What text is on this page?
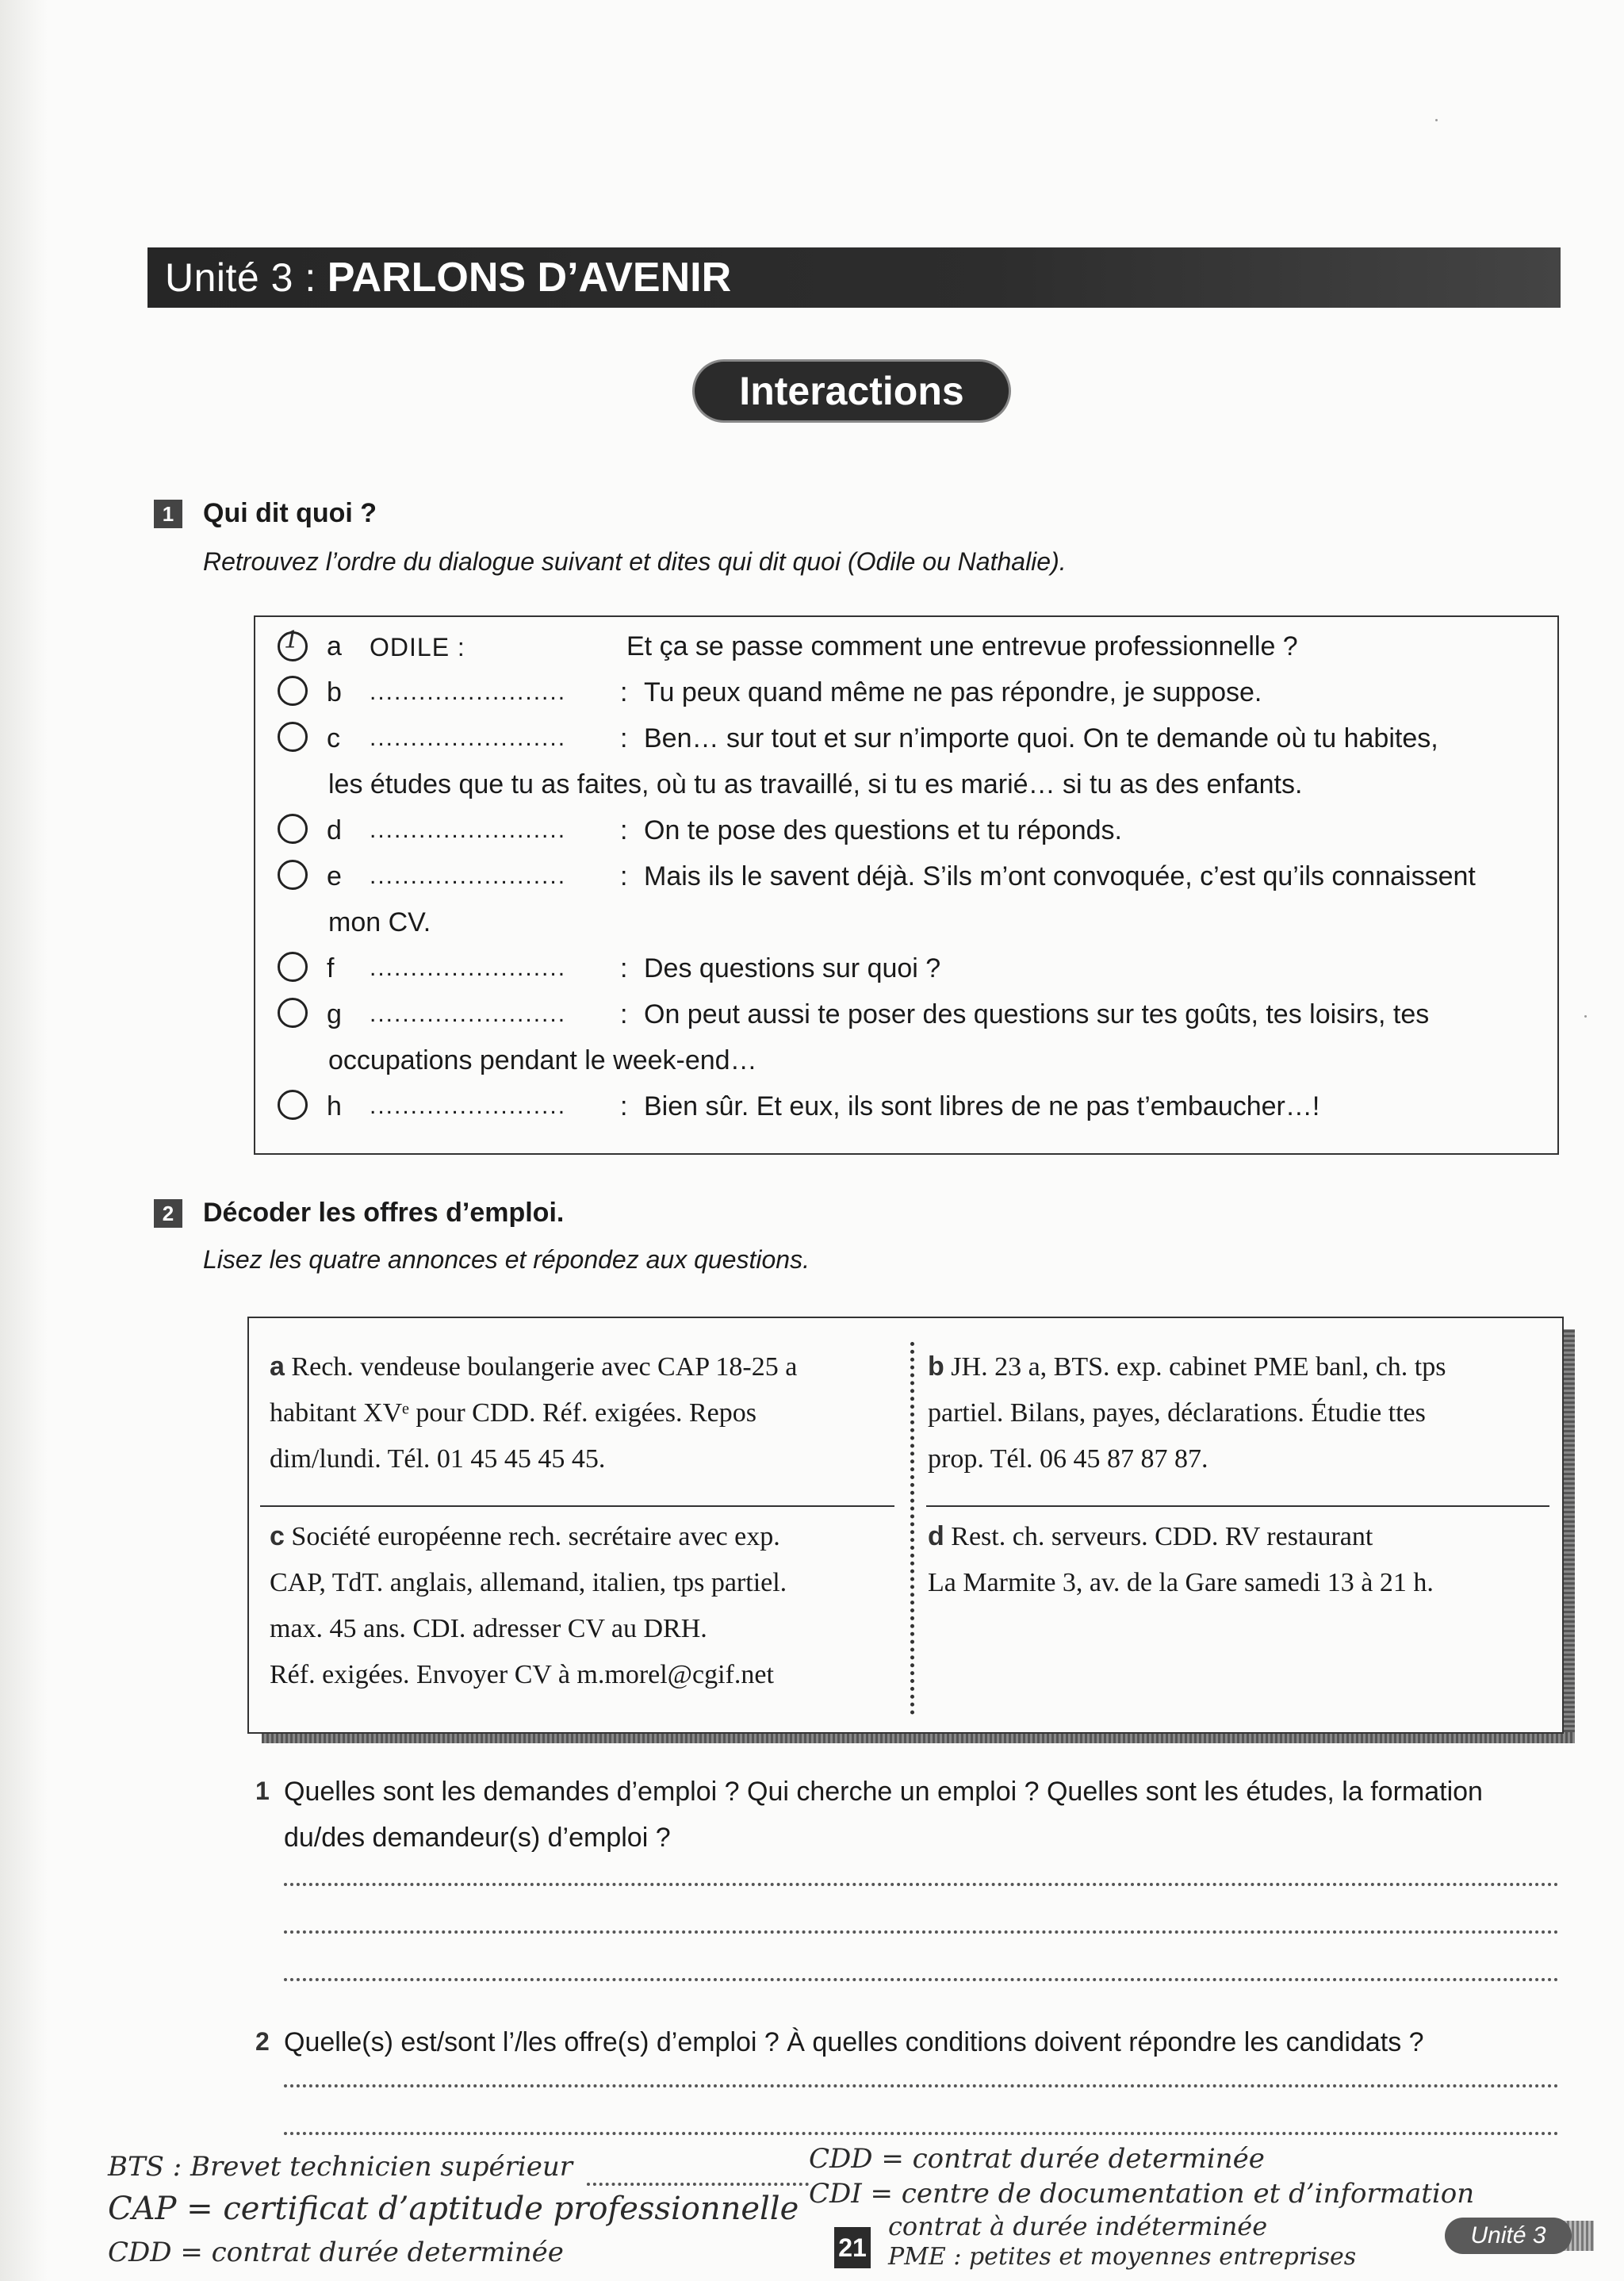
Unité 3 : PARLONS D’AVENIR
Interactions
1	Qui dit quoi ?
Retrouvez l’ordre du dialogue suivant et dites qui dit quoi (Odile ou Nathalie).
1 a ODILE :	Et ça se passe comment une entrevue professionnelle ?
b ........................ : Tu peux quand même ne pas répondre, je suppose.
c ........................ : Ben… sur tout et sur n’importe quoi. On te demande où tu habites,
les études que tu as faites, où tu as travaillé, si tu es marié… si tu as des enfants.
d ........................ : On te pose des questions et tu réponds.
e ........................ : Mais ils le savent déjà. S’ils m’ont convoquée, c’est qu’ils connaissent
mon CV.
f ........................ : Des questions sur quoi ?
g ........................ : On peut aussi te poser des questions sur tes goûts, tes loisirs, tes
occupations pendant le week-end…
h ........................ : Bien sûr. Et eux, ils sont libres de ne pas t’embaucher…!
2	Décoder les offres d’emploi.
Lisez les quatre annonces et répondez aux questions.
a Rech. vendeuse boulangerie avec CAP 18-25 a
habitant XVᵉ pour CDD. Réf. exigées. Repos
dim/lundi. Tél. 01 45 45 45 45.
b JH. 23 a, BTS. exp. cabinet PME banl, ch. tps
partiel. Bilans, payes, déclarations. Étudie ttes
prop. Tél. 06 45 87 87 87.
c Société européenne rech. secrétaire avec exp.
CAP, TdT. anglais, allemand, italien, tps partiel.
max. 45 ans. CDI. adresser CV au DRH.
Réf. exigées. Envoyer CV à m.morel@cgif.net
d Rest. ch. serveurs. CDD. RV restaurant
La Marmite 3, av. de la Gare samedi 13 à 21 h.
1 Quelles sont les demandes d’emploi ? Qui cherche un emploi ? Quelles sont les études, la formation
du/des demandeur(s) d’emploi ?
2 Quelle(s) est/sont l’/les offre(s) d’emploi ? À quelles conditions doivent répondre les candidats ?
BTS : Brevet technicien supérieur
CAP = certificat d’aptitude professionnelle
CDD = contrat durée determinée
CDD = contrat durée determinée
CDI = centre de documentation et d’information
contrat à durée indéterminée
PME : petites et moyennes entreprises
21	Unité 3
